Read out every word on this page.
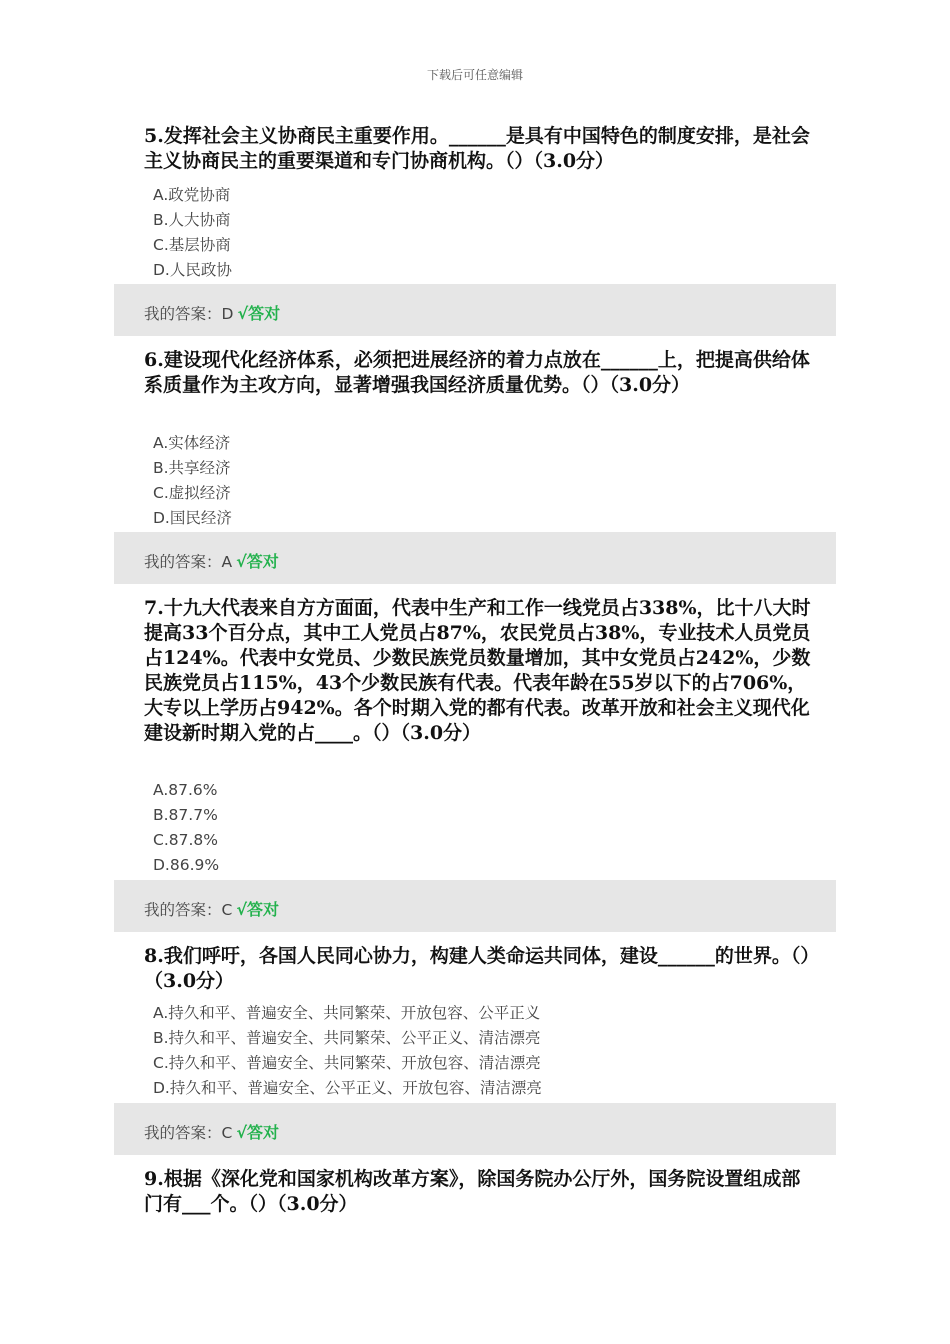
下载后可任意编辑

5.发挥社会主义协商民主重要作用。______是具有中国特色的制度安排，是社会主义协商民主的重要渠道和专门协商机构。（）（3.0分）

A.政党协商
B.人大协商
C.基层协商
D.人民政协
我的答案：D √答对

6.建设现代化经济体系，必须把进展经济的着力点放在______上，把提高供给体系质量作为主攻方向，显著增强我国经济质量优势。（）（3.0分）

A.实体经济
B.共享经济
C.虚拟经济
D.国民经济
我的答案：A √答对

7.十九大代表来自方方面面，代表中生产和工作一线党员占338%，比十八大时提高33个百分点，其中工人党员占87%，农民党员占38%，专业技术人员党员占124%。代表中女党员、少数民族党员数量增加，其中女党员占242%，少数民族党员占115%，43个少数民族有代表。代表年龄在55岁以下的占706%，大专以上学历占942%。各个时期入党的都有代表。改革开放和社会主义现代化建设新时期入党的占____。（）（3.0分）

A.87.6%
B.87.7%
C.87.8%
D.86.9%
我的答案：C √答对

8.我们呼吁，各国人民同心协力，构建人类命运共同体，建设______的世界。（）（3.0分）

A.持久和平、普遍安全、共同繁荣、开放包容、公平正义
B.持久和平、普遍安全、共同繁荣、公平正义、清洁漂亮
C.持久和平、普遍安全、共同繁荣、开放包容、清洁漂亮
D.持久和平、普遍安全、公平正义、开放包容、清洁漂亮
我的答案：C √答对

9.根据《深化党和国家机构改革方案》，除国务院办公厅外，国务院设置组成部门有___个。（）（3.0分）
